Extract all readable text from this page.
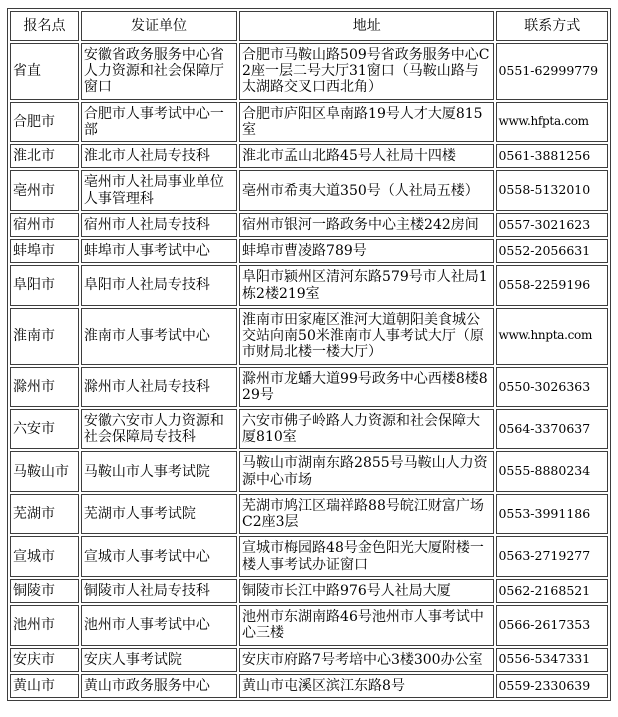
报名点	发证单位	地址	联系方式
省直	安徽省政务服务中心省人力资源和社会保障厅窗口	合肥市马鞍山路509号省政务服务中心C2座一层二号大厅31窗口（马鞍山路与太湖路交叉口西北角）	0551-62999779
合肥市	合肥市人事考试中心一部	合肥市庐阳区阜南路19号人才大厦815室	www.hfpta.com
淮北市	淮北市人社局专技科	淮北市孟山北路45号人社局十四楼	0561-3881256
亳州市	亳州市人社局事业单位人事管理科	亳州市希夷大道350号（人社局五楼）	0558-5132010
宿州市	宿州市人社局专技科	宿州市银河一路政务中心主楼242房间	0557-3021623
蚌埠市	蚌埠市人事考试中心	蚌埠市曹凌路789号	0552-2056631
阜阳市	阜阳市人社局专技科	阜阳市颍州区清河东路579号市人社局1栋2楼219室	0558-2259196
淮南市	淮南市人事考试中心	淮南市田家庵区淮河大道朝阳美食城公交站向南50米淮南市人事考试大厅（原市财局北楼一楼大厅）	www.hnpta.com
滁州市	滁州市人社局专技科	滁州市龙蟠大道99号政务中心西楼8楼829号	0550-3026363
六安市	安徽六安市人力资源和社会保障局专技科	六安市佛子岭路人力资源和社会保障大厦810室	0564-3370637
马鞍山市	马鞍山市人事考试院	马鞍山市湖南东路2855号马鞍山人力资源中心市场	0555-8880234
芜湖市	芜湖市人事考试院	芜湖市鸠江区瑞祥路88号皖江财富广场C2座3层	0553-3991186
宣城市	宣城市人事考试中心	宣城市梅园路48号金色阳光大厦附楼一楼人事考试办证窗口	0563-2719277
铜陵市	铜陵市人社局专技科	铜陵市长江中路976号人社局大厦	0562-2168521
池州市	池州市人事考试中心	池州市东湖南路46号池州市人事考试中心三楼	0566-2617353
安庆市	安庆人事考试院	安庆市府路7号考培中心3楼300办公室	0556-5347331
黄山市	黄山市政务服务中心	黄山市屯溪区滨江东路8号	0559-2330639
